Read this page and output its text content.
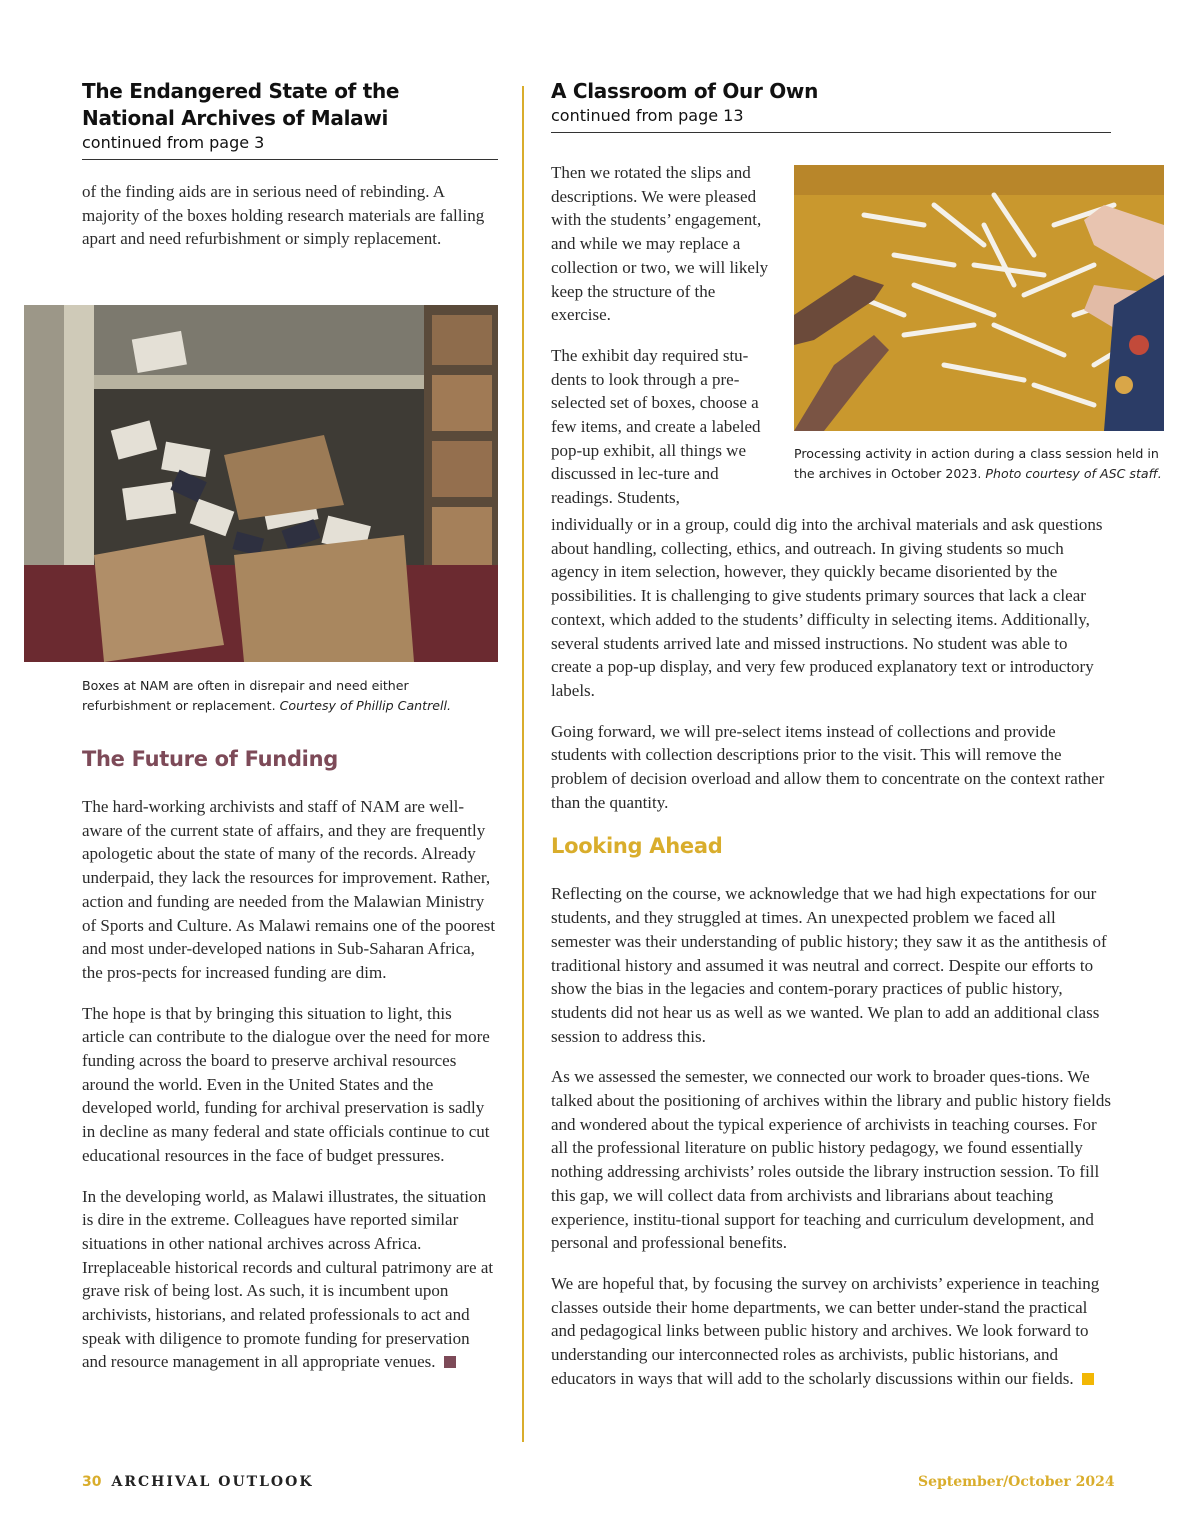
The Endangered State of the National Archives of Malawi

continued from page 3

of the finding aids are in serious need of rebinding. A majority of the boxes holding research materials are falling apart and need refurbishment or simply replacement.

Boxes at NAM are often in disrepair and need either refurbishment or replacement. Courtesy of Phillip Cantrell.

The Future of Funding

The hard-working archivists and staff of NAM are well-aware of the current state of affairs, and they are frequently apologetic about the state of many of the records. Already underpaid, they lack the resources for improvement. Rather, action and funding are needed from the Malawian Ministry of Sports and Culture. As Malawi remains one of the poorest and most under-developed nations in Sub-Saharan Africa, the pros-pects for increased funding are dim.

The hope is that by bringing this situation to light, this article can contribute to the dialogue over the need for more funding across the board to preserve archival resources around the world. Even in the United States and the developed world, funding for archival preservation is sadly in decline as many federal and state officials continue to cut educational resources in the face of budget pressures.

In the developing world, as Malawi illustrates, the situation is dire in the extreme. Colleagues have reported similar situations in other national archives across Africa. Irreplaceable historical records and cultural patrimony are at grave risk of being lost. As such, it is incumbent upon archivists, historians, and related professionals to act and speak with diligence to promote funding for preservation and resource management in all appropriate venues.

A Classroom of Our Own

continued from page 13

Then we rotated the slips and descriptions. We were pleased with the students’ engagement, and while we may replace a collection or two, we will likely keep the structure of the exercise.

The exhibit day required stu-dents to look through a pre-selected set of boxes, choose a few items, and create a labeled pop-up exhibit, all things we discussed in lec-ture and readings. Students,

Processing activity in action during a class session held in the archives in October 2023. Photo courtesy of ASC staff.

individually or in a group, could dig into the archival materials and ask questions about handling, collecting, ethics, and outreach. In giving students so much agency in item selection, however, they quickly became disoriented by the possibilities. It is challenging to give students primary sources that lack a clear context, which added to the students’ difficulty in selecting items. Additionally, several students arrived late and missed instructions. No student was able to create a pop-up display, and very few produced explanatory text or introductory labels.

Going forward, we will pre-select items instead of collections and provide students with collection descriptions prior to the visit. This will remove the problem of decision overload and allow them to concentrate on the context rather than the quantity.

Looking Ahead

Reflecting on the course, we acknowledge that we had high expectations for our students, and they struggled at times. An unexpected problem we faced all semester was their understanding of public history; they saw it as the antithesis of traditional history and assumed it was neutral and correct. Despite our efforts to show the bias in the legacies and contem-porary practices of public history, students did not hear us as well as we wanted. We plan to add an additional class session to address this.

As we assessed the semester, we connected our work to broader ques-tions. We talked about the positioning of archives within the library and public history fields and wondered about the typical experience of archivists in teaching courses. For all the professional literature on public history pedagogy, we found essentially nothing addressing archivists’ roles outside the library instruction session. To fill this gap, we will collect data from archivists and librarians about teaching experience, institu-tional support for teaching and curriculum development, and personal and professional benefits.

We are hopeful that, by focusing the survey on archivists’ experience in teaching classes outside their home departments, we can better under-stand the practical and pedagogical links between public history and archives. We look forward to understanding our interconnected roles as archivists, public historians, and educators in ways that will add to the scholarly discussions within our fields.

30 ARCHIVAL OUTLOOK	September/October 2024
